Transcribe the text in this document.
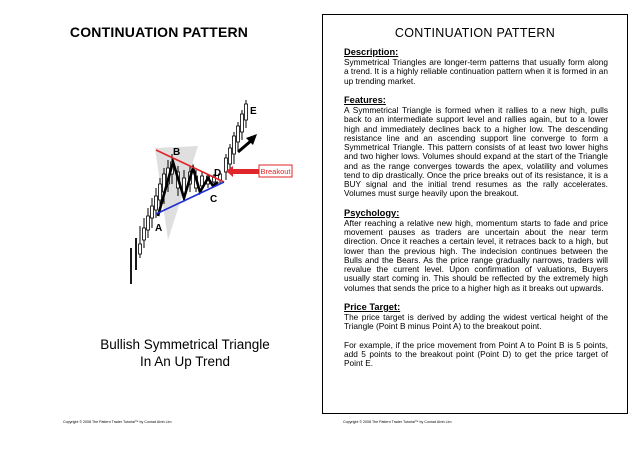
CONTINUATION PATTERN
Breakout
A
B
C
D
E
Bullish Symmetrical Triangle
In An Up Trend
Copyright © 2008 The Pattern Trader Tutorial™ by Conrad Alvin Lim
CONTINUATION PATTERN
Description:

Symmetrical Triangles are longer-term patterns that usually form along a trend. It is a highly reliable continuation pattern when it is formed in an up trending market.

Features:

A Symmetrical Triangle is formed when it rallies to a new high, pulls back to an intermediate support level and rallies again, but to a lower high and immediately declines back to a higher low. The descending resistance line and an ascending support line converge to form a Symmetrical Triangle. This pattern consists of at least two lower highs and two higher lows. Volumes should expand at the start of the Triangle and as the range converges towards the apex, volatility and volumes tend to dip drastically. Once the price breaks out of its resistance, it is a BUY signal and the initial trend resumes as the rally accelerates. Volumes must surge heavily upon the breakout.

Psychology:

After reaching a relative new high, momentum starts to fade and price movement pauses as traders are uncertain about the near term direction. Once it reaches a certain level, it retraces back to a high, but lower than the previous high. The indecision continues between the Bulls and the Bears. As the price range gradually narrows, traders will revalue the current level. Upon confirmation of valuations, Buyers usually start coming in. This should be reflected by the extremely high volumes that sends the price to a higher high as it breaks out upwards.

Price Target:

The price target is derived by adding the widest vertical height of the Triangle (Point B minus Point A) to the breakout point.

For example, if the price movement from Point A to Point B is 5 points, add 5 points to the breakout point (Point D) to get the price target of Point E.

Copyright © 2008 The Pattern Trader Tutorial™ by Conrad Alvin Lim
